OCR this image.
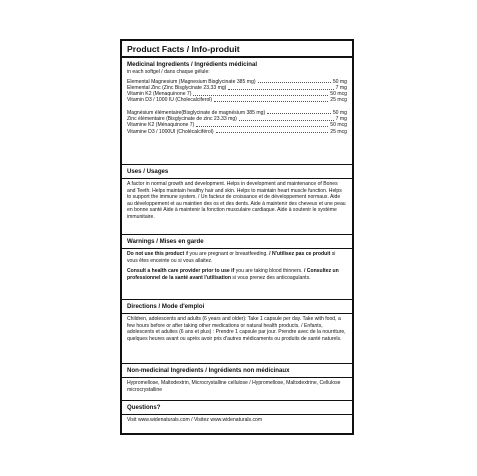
Product Facts / Info-produit
Medicinal Ingredients / Ingrédients médicinal
in each softgel / dans chaque gélule:
Elemental Magnesium (Magnesium Bisglycinate 385 mg)	50 mg
Elemental Zinc (Zinc Bisglycinate 23.33 mg)	7 mg
Vitamin K2 (Menaquinone 7)	50 mcg
Vitamin D3 / 1000 IU (Cholecalciferol)	25 mcg
Magnésium élémentaire(Bisglycinate de magnésium 385 mg)	50 mg
Zinc élémentaire (Bisglycinate de zinc 23.33 mg)	7 mg
Vitamine K2 (Ménaquinone 7)	50 mcg
Vitamine D3 / 1000UI (Cholécalciférol)	25 mcg
Uses / Usages
A factor in normal growth and development. Helps in development and maintenance of Bones and Teeth. Helps maintain healthy hair and skin. Helps to maintain heart muscle function. Helps to support the immune system. / Un facteur de croissance et de développement normaux. Aide au développement et au maintien des os et des dents. Aide à maintenir des cheveux et une peau en bonne santé Aide à maintenir la fonction musculaire cardiaque. Aide à soutenir le système immunitaire.
Warnings / Mises en garde
Do not use this product if you are pregnant or breastfeeding. / N'utilisez pas ce produit si vous êtes enceinte ou si vous allaitez.
Consult a health care provider prior to use if you are taking blood thinners. / Consultez un professionnel de la santé avant l'utilisation si vous prenez des anticoagulants.
Directions / Mode d'emploi
Children, adolescents and adults (6 years and older): Take 1 capsule per day. Take with food, a few hours before or after taking other medications or natural health products. / Enfants, adolescents et adultes (6 ans et plus) : Prendre 1 capsule par jour. Prendre avec de la nourriture, quelques heures avant ou après avoir pris d'autres médicaments ou produits de santé naturels.
Non-medicinal Ingredients / Ingrédients non médicinaux
Hypromellose, Maltodextrin, Microcrystalline cellulose / Hypromellose, Maltodextrine, Cellulose microcrystalline
Questions?
Visit www.widenaturals.com / Visitez www.widenaturals.com
